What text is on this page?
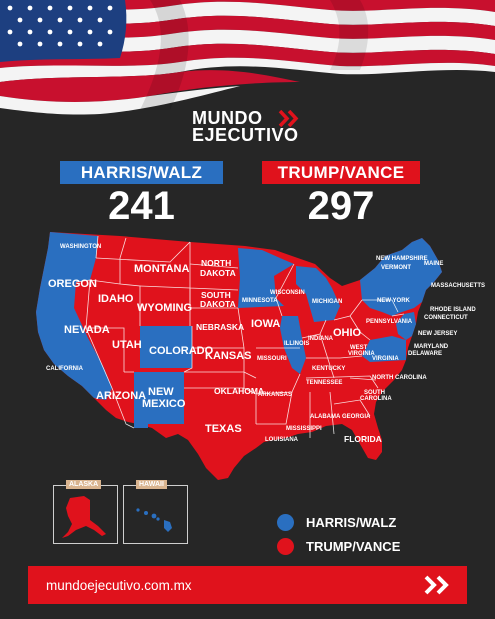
MUNDO
EJECUTIVO
HARRIS/WALZ	TRUMP/VANCE
241	297
WASHINGTON
OREGON
CALIFORNIA
NEVADA
IDAHO
MONTANA
WYOMING
UTAH COLORADO
ARIZONA NEW
MEXICO
NORTH
DAKOTA
SOUTH
DAKOTA
NEBRASKA
KANSAS
OKLAHOMA
TEXAS
MINNESOTA
IOWA
MISSOURI
ARKANSAS
LOUISIANA
WISCONSIN
ILLINOIS
MICHIGAN
INDIANA OHIO
KENTUCKY
TENNESSEE
MISSISSIPPI
ALABAMA GEORGIA
FLORIDA
SOUTH
CAROLINA
NORTH CAROLINA
VIRGINIA
WEST
VIRGINIA
PENNSYLVANIA
NEW YORK
MAINE
NEW HAMPSHIRE
VERMONT
MASSACHUSETTS
RHODE ISLAND
CONNECTICUT
NEW JERSEY
MARYLAND
DELAWARE
ALASKA	HAWAII
HARRIS/WALZ
TRUMP/VANCE
mundoejecutivo.com.mx
